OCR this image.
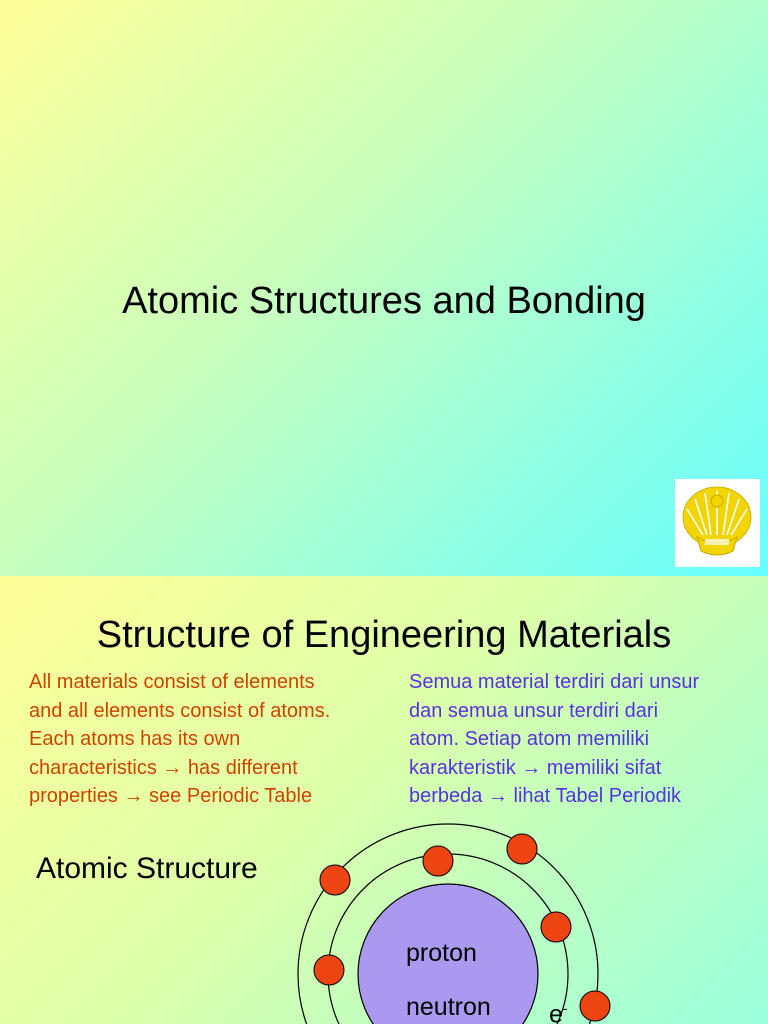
Atomic Structures and Bonding
Structure of Engineering Materials

All materials consist of elements

and all elements consist of atoms.

Each atoms has its own

characteristics → has different

properties → see Periodic Table

Semua material terdiri dari unsur

dan semua unsur terdiri dari

atom. Setiap atom memiliki

karakteristik → memiliki sifat

berbeda → lihat Tabel Periodik

Atomic Structure
proton
neutron e-
